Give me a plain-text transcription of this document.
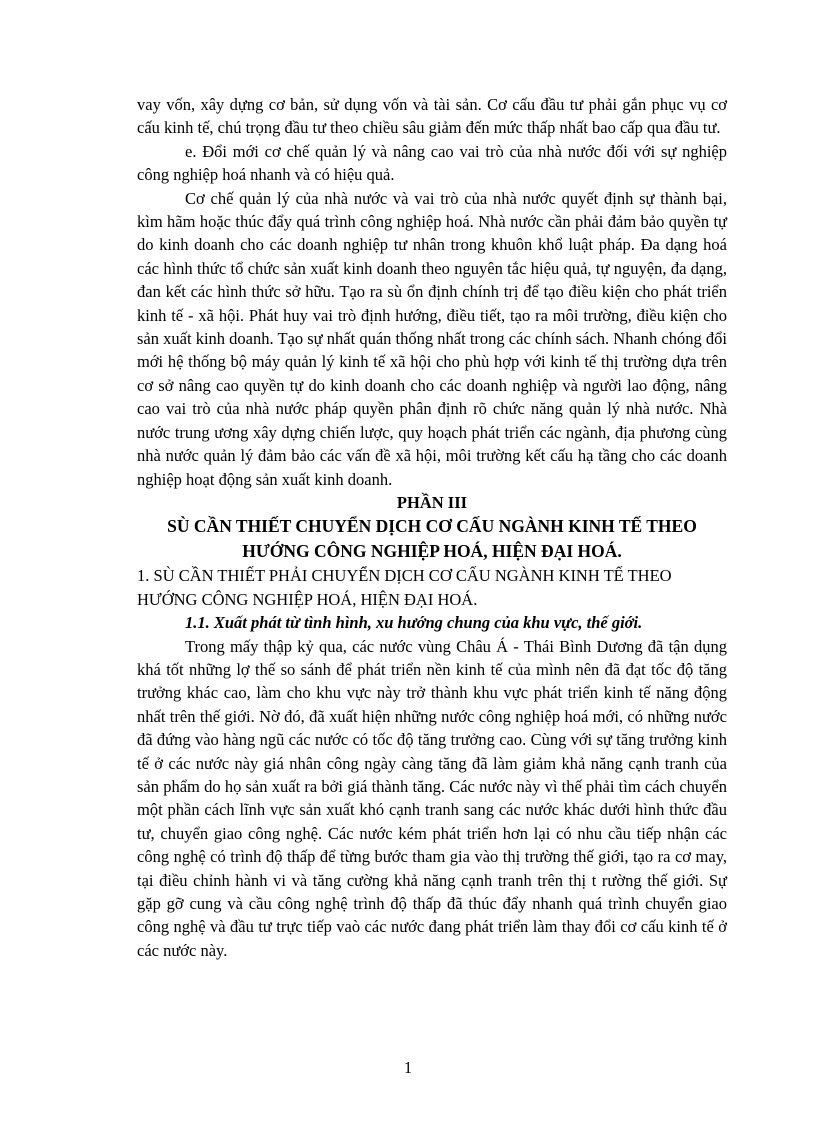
vay vốn, xây dựng cơ bản, sử dụng vốn và tài sản. Cơ cấu đầu tư phải gắn phục vụ cơ cấu kinh tế, chú trọng đầu tư theo chiều sâu giảm đến mức thấp nhất bao cấp qua đầu tư.

e. Đổi mới cơ chế quản lý và nâng cao vai trò của nhà nước đối với sự nghiệp công nghiệp hoá nhanh và có hiệu quả.

Cơ chế quản lý của nhà nước và vai trò của nhà nước quyết định sự thành bại, kìm hãm hoặc thúc đẩy quá trình công nghiệp hoá. Nhà nước cần phải đảm bảo quyền tự do kinh doanh cho các doanh nghiệp tư nhân trong khuôn khổ luật pháp. Đa dạng hoá các hình thức tổ chức sản xuất kinh doanh theo nguyên tắc hiệu quả, tự nguyện, đa dạng, đan kết các hình thức sở hữu. Tạo ra sù ổn định chính trị để tạo điều kiện cho phát triển kinh tế - xã hội. Phát huy vai trò định hướng, điều tiết, tạo ra môi trường, điều kiện cho sản xuất kinh doanh. Tạo sự nhất quán thống nhất trong các chính sách. Nhanh chóng đổi mới hệ thống bộ máy quản lý kinh tế xã hội cho phù hợp với kinh tế thị trường dựa trên cơ sở nâng cao quyền tự do kinh doanh cho các doanh nghiệp và người lao động, nâng cao vai trò của nhà nước pháp quyền phân định rõ chức năng quản lý nhà nước. Nhà nước trung ương xây dựng chiến lược, quy hoạch phát triển các ngành, địa phương cùng nhà nước quản lý đảm bảo các vấn đề xã hội, môi trường kết cấu hạ tầng cho các doanh nghiệp hoạt động sản xuất kinh doanh.

PHẦN III

SÙ CẦN THIẾT CHUYỂN DỊCH CƠ CẤU NGÀNH KINH TẾ THEO HƯỚNG CÔNG NGHIỆP HOÁ, HIỆN ĐẠI HOÁ.

1. SÙ CẦN THIẾT PHẢI CHUYỂN DỊCH CƠ CẤU NGÀNH KINH TẾ THEO HƯỚNG CÔNG NGHIỆP HOÁ, HIỆN ĐẠI HOÁ.

1.1. Xuất phát từ tình hình, xu hướng chung của khu vực, thế giới.

Trong mấy thập kỷ qua, các nước vùng Châu Á - Thái Bình Dương đã tận dụng khá tốt những lợ thế so sánh để phát triển nền kinh tế của mình nên đã đạt tốc độ tăng trưởng khác cao, làm cho khu vực này trở thành khu vực phát triển kinh tế năng động nhất trên thế giới. Nờ đó, đã xuất hiện những nước công nghiệp hoá mới, có những nước đã đứng vào hàng ngũ các nước có tốc độ tăng trưởng cao. Cùng với sự tăng trưởng kinh tế ở các nước này giá nhân công ngày càng tăng đã làm giảm khả năng cạnh tranh của sản phẩm do họ sản xuất ra bởi giá thành tăng. Các nước này vì thế phải tìm cách chuyển một phần cách lĩnh vực sản xuất khó cạnh tranh sang các nước khác dưới hình thức đầu tư, chuyển giao công nghệ. Các nước kém phát triển hơn lại có nhu cầu tiếp nhận các công nghệ có trình độ thấp để từng bước tham gia vào thị trường thế giới, tạo ra cơ may, tại điều chỉnh hành vi và tăng cường khả năng cạnh tranh trên thị t rường thế giới. Sự gặp gỡ cung và cầu công nghệ trình độ thấp đã thúc đẩy nhanh quá trình chuyển giao công nghệ và đầu tư trực tiếp vaò các nước đang phát triển làm thay đổi cơ cấu kinh tế ở các nước này.

1
